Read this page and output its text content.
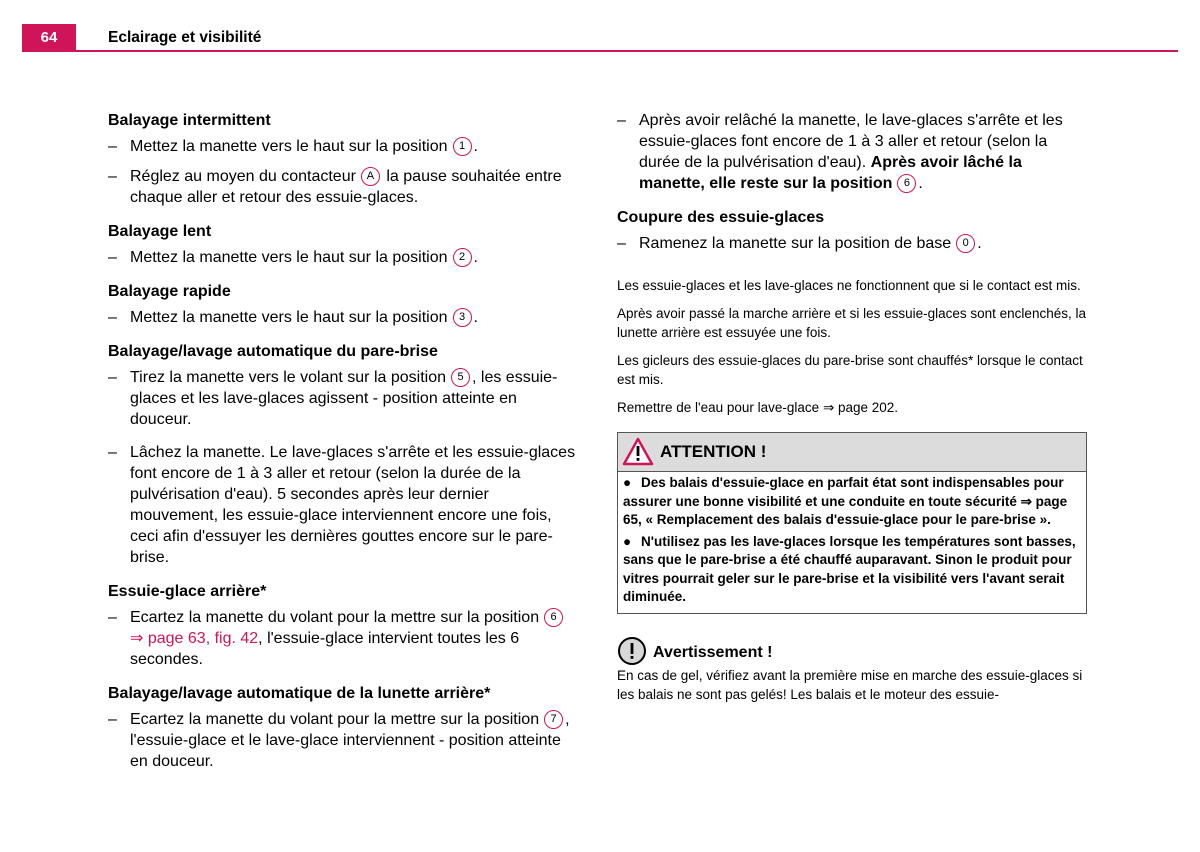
64	Eclairage et visibilité
Balayage intermittent
– Mettez la manette vers le haut sur la position 1 .
– Réglez au moyen du contacteur A la pause souhaitée entre chaque aller et retour des essuie-glaces.
Balayage lent
– Mettez la manette vers le haut sur la position 2 .
Balayage rapide
– Mettez la manette vers le haut sur la position 3 .
Balayage/lavage automatique du pare-brise
– Tirez la manette vers le volant sur la position 5 , les essuie-glaces et les lave-glaces agissent - position atteinte en douceur.
– Lâchez la manette. Le lave-glaces s'arrête et les essuie-glaces font encore de 1 à 3 aller et retour (selon la durée de la pulvérisation d'eau). 5 secondes après leur dernier mouvement, les essuie-glace interviennent encore une fois, ceci afin d'essuyer les dernières gouttes encore sur le pare-brise.
Essuie-glace arrière*
– Ecartez la manette du volant pour la mettre sur la position 6 ⇒ page 63, fig. 42, l'essuie-glace intervient toutes les 6 secondes.
Balayage/lavage automatique de la lunette arrière*
– Ecartez la manette du volant pour la mettre sur la position 7 , l'essuie-glace et le lave-glace interviennent - position atteinte en douceur.
– Après avoir relâché la manette, le lave-glaces s'arrête et les essuie-glaces font encore de 1 à 3 aller et retour (selon la durée de la pulvérisation d'eau). Après avoir lâché la manette, elle reste sur la position 6 .
Coupure des essuie-glaces
– Ramenez la manette sur la position de base 0 .

Les essuie-glaces et les lave-glaces ne fonctionnent que si le contact est mis.

Après avoir passé la marche arrière et si les essuie-glaces sont enclenchés, la lunette arrière est essuyée une fois.

Les gicleurs des essuie-glaces du pare-brise sont chauffés* lorsque le contact est mis.

Remettre de l'eau pour lave-glace ⇒ page 202.

ATTENTION !

● Des balais d'essuie-glace en parfait état sont indispensables pour assurer une bonne visibilité et une conduite en toute sécurité ⇒ page 65, « Remplacement des balais d'essuie-glace pour le pare-brise ».

● N'utilisez pas les lave-glaces lorsque les températures sont basses, sans que le pare-brise a été chauffé auparavant. Sinon le produit pour vitres pourrait geler sur le pare-brise et la visibilité vers l'avant serait diminuée.

Avertissement !

En cas de gel, vérifiez avant la première mise en marche des essuie-glaces si les balais ne sont pas gelés! Les balais et le moteur des essuie-
